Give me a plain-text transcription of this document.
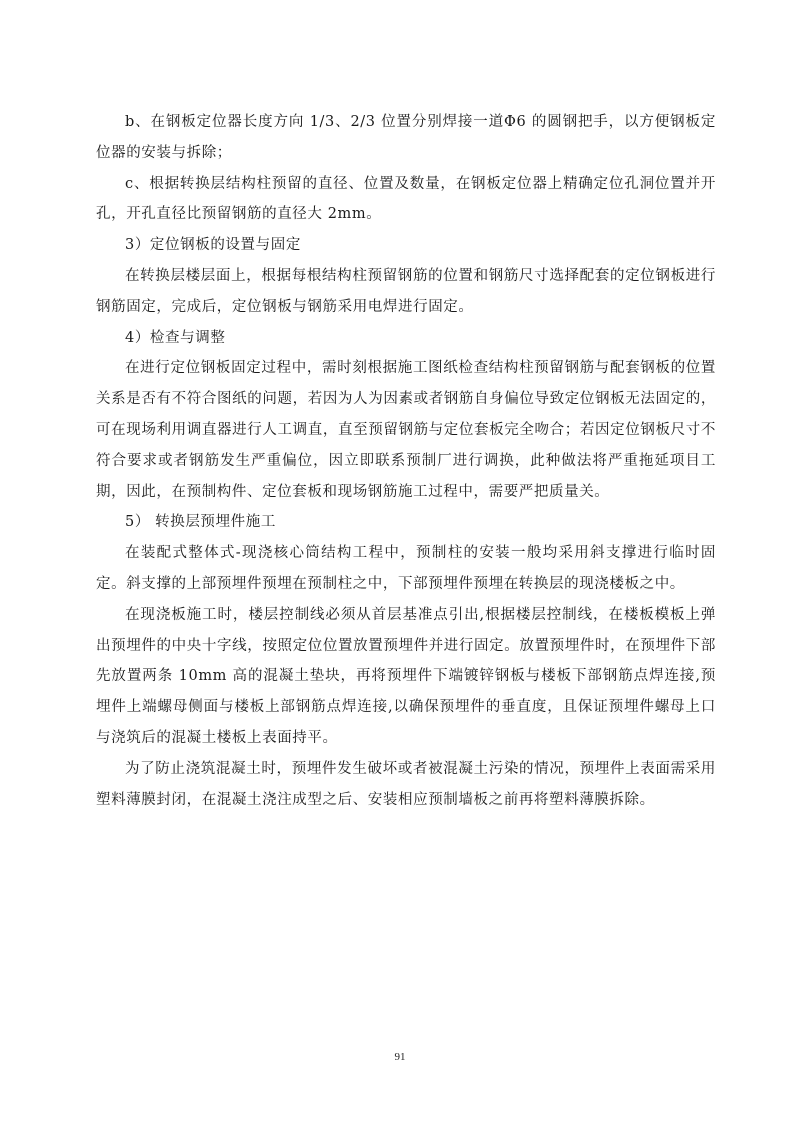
b、在钢板定位器长度方向 1/3、2/3 位置分别焊接一道Φ6 的圆钢把手，以方便钢板定位器的安装与拆除；

c、根据转换层结构柱预留的直径、位置及数量，在钢板定位器上精确定位孔洞位置并开孔，开孔直径比预留钢筋的直径大 2mm。

3）定位钢板的设置与固定

在转换层楼层面上，根据每根结构柱预留钢筋的位置和钢筋尺寸选择配套的定位钢板进行钢筋固定，完成后，定位钢板与钢筋采用电焊进行固定。

4）检查与调整

在进行定位钢板固定过程中，需时刻根据施工图纸检查结构柱预留钢筋与配套钢板的位置关系是否有不符合图纸的问题，若因为人为因素或者钢筋自身偏位导致定位钢板无法固定的，可在现场利用调直器进行人工调直，直至预留钢筋与定位套板完全吻合；若因定位钢板尺寸不符合要求或者钢筋发生严重偏位，因立即联系预制厂进行调换，此种做法将严重拖延项目工期，因此，在预制构件、定位套板和现场钢筋施工过程中，需要严把质量关。

5） 转换层预埋件施工

在装配式整体式-现浇核心筒结构工程中，预制柱的安装一般均采用斜支撑进行临时固定。斜支撑的上部预埋件预埋在预制柱之中，下部预埋件预埋在转换层的现浇楼板之中。

在现浇板施工时，楼层控制线必须从首层基准点引出,根据楼层控制线，在楼板模板上弹出预埋件的中央十字线，按照定位位置放置预埋件并进行固定。放置预埋件时，在预埋件下部先放置两条 10mm 高的混凝土垫块，再将预埋件下端镀锌钢板与楼板下部钢筋点焊连接,预埋件上端螺母侧面与楼板上部钢筋点焊连接,以确保预埋件的垂直度，且保证预埋件螺母上口与浇筑后的混凝土楼板上表面持平。

为了防止浇筑混凝土时，预埋件发生破坏或者被混凝土污染的情况，预埋件上表面需采用塑料薄膜封闭，在混凝土浇注成型之后、安装相应预制墙板之前再将塑料薄膜拆除。

91
